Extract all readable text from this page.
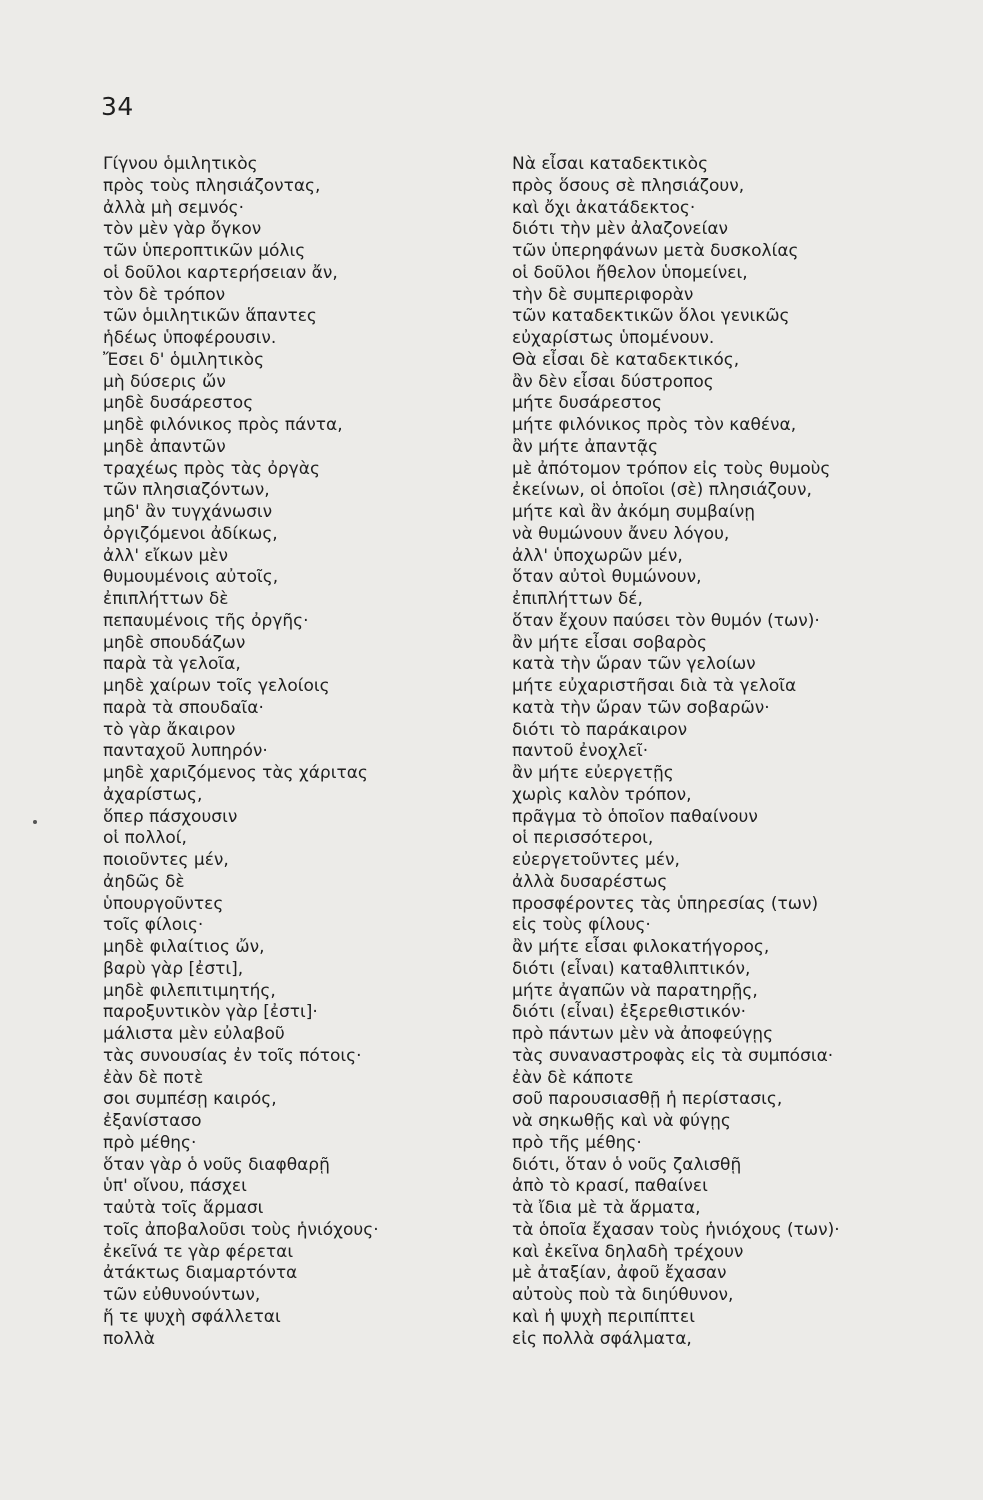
34
Γίγνου ὁμιλητικὸς
πρὸς τοὺς πλησιάζοντας,
ἀλλὰ μὴ σεμνός·
τὸν μὲν γὰρ ὄγκον
τῶν ὑπεροπτικῶν μόλις
οἱ δοῦλοι καρτερήσειαν ἄν,
τὸν δὲ τρόπον
τῶν ὁμιλητικῶν ἅπαντες
ἡδέως ὑποφέρουσιν.
Ἔσει δ' ὁμιλητικὸς
μὴ δύσερις ὤν
μηδὲ δυσάρεστος
μηδὲ φιλόνικος πρὸς πάντα,
μηδὲ ἀπαντῶν
τραχέως πρὸς τὰς ὀργὰς
τῶν πλησιαζόντων,
μηδ' ἂν τυγχάνωσιν
ὀργιζόμενοι ἀδίκως,
ἀλλ' εἴκων μὲν
θυμουμένοις αὐτοῖς,
ἐπιπλήττων δὲ
πεπαυμένοις τῆς ὀργῆς·
μηδὲ σπουδάζων
παρὰ τὰ γελοῖα,
μηδὲ χαίρων τοῖς γελοίοις
παρὰ τὰ σπουδαῖα·
τὸ γὰρ ἄκαιρον
πανταχοῦ λυπηρόν·
μηδὲ χαριζόμενος τὰς χάριτας
ἀχαρίστως,
ὅπερ πάσχουσιν
οἱ πολλοί,
ποιοῦντες μέν,
ἀηδῶς δὲ
ὑπουργοῦντες
τοῖς φίλοις·
μηδὲ φιλαίτιος ὤν,
βαρὺ γὰρ [ἐστι],
μηδὲ φιλεπιτιμητής,
παροξυντικὸν γὰρ [ἐστι]·
μάλιστα μὲν εὐλαβοῦ
τὰς συνουσίας ἐν τοῖς πότοις·
ἐὰν δὲ ποτὲ
σοι συμπέσῃ καιρός,
ἐξανίστασο
πρὸ μέθης·
ὅταν γὰρ ὁ νοῦς διαφθαρῇ
ὑπ' οἴνου, πάσχει
ταὐτὰ τοῖς ἅρμασι
τοῖς ἀποβαλοῦσι τοὺς ἡνιόχους·
ἐκεῖνά τε γὰρ φέρεται
ἀτάκτως διαμαρτόντα
τῶν εὐθυνούντων,
ἥ τε ψυχὴ σφάλλεται
πολλὰ
Νὰ εἶσαι καταδεκτικὸς
πρὸς ὅσους σὲ πλησιάζουν,
καὶ ὄχι ἀκατάδεκτος·
διότι τὴν μὲν ἀλαζονείαν
τῶν ὑπερηφάνων μετὰ δυσκολίας
οἱ δοῦλοι ἤθελον ὑπομείνει,
τὴν δὲ συμπεριφορὰν
τῶν καταδεκτικῶν ὅλοι γενικῶς
εὐχαρίστως ὑπομένουν.
Θὰ εἶσαι δὲ καταδεκτικός,
ἂν δὲν εἶσαι δύστροπος
μήτε δυσάρεστος
μήτε φιλόνικος πρὸς τὸν καθένα,
ἂν μήτε ἀπαντᾷς
μὲ ἀπότομον τρόπον εἰς τοὺς θυμοὺς
ἐκείνων, οἱ ὁποῖοι (σὲ) πλησιάζουν,
μήτε καὶ ἂν ἀκόμη συμβαίνῃ
νὰ θυμώνουν ἄνευ λόγου,
ἀλλ' ὑποχωρῶν μέν,
ὅταν αὐτοὶ θυμώνουν,
ἐπιπλήττων δέ,
ὅταν ἔχουν παύσει τὸν θυμόν (των)·
ἂν μήτε εἶσαι σοβαρὸς
κατὰ τὴν ὥραν τῶν γελοίων
μήτε εὐχαριστῆσαι διὰ τὰ γελοῖα
κατὰ τὴν ὥραν τῶν σοβαρῶν·
διότι τὸ παράκαιρον
παντοῦ ἐνοχλεῖ·
ἂν μήτε εὐεργετῇς
χωρὶς καλὸν τρόπον,
πρᾶγμα τὸ ὁποῖον παθαίνουν
οἱ περισσότεροι,
εὐεργετοῦντες μέν,
ἀλλὰ δυσαρέστως
προσφέροντες τὰς ὑπηρεσίας (των)
εἰς τοὺς φίλους·
ἂν μήτε εἶσαι φιλοκατήγορος,
διότι (εἶναι) καταθλιπτικόν,
μήτε ἀγαπῶν νὰ παρατηρῇς,
διότι (εἶναι) ἐξερεθιστικόν·
πρὸ πάντων μὲν νὰ ἀποφεύγῃς
τὰς συναναστροφὰς εἰς τὰ συμπόσια·
ἐὰν δὲ κάποτε
σοῦ παρουσιασθῇ ἡ περίστασις,
νὰ σηκωθῇς καὶ νὰ φύγῃς
πρὸ τῆς μέθης·
διότι, ὅταν ὁ νοῦς ζαλισθῇ
ἀπὸ τὸ κρασί, παθαίνει
τὰ ἴδια μὲ τὰ ἅρματα,
τὰ ὁποῖα ἔχασαν τοὺς ἡνιόχους (των)·
καὶ ἐκεῖνα δηλαδὴ τρέχουν
μὲ ἀταξίαν, ἀφοῦ ἔχασαν
αὐτοὺς ποὺ τὰ διηύθυνον,
καὶ ἡ ψυχὴ περιπίπτει
εἰς πολλὰ σφάλματα,
